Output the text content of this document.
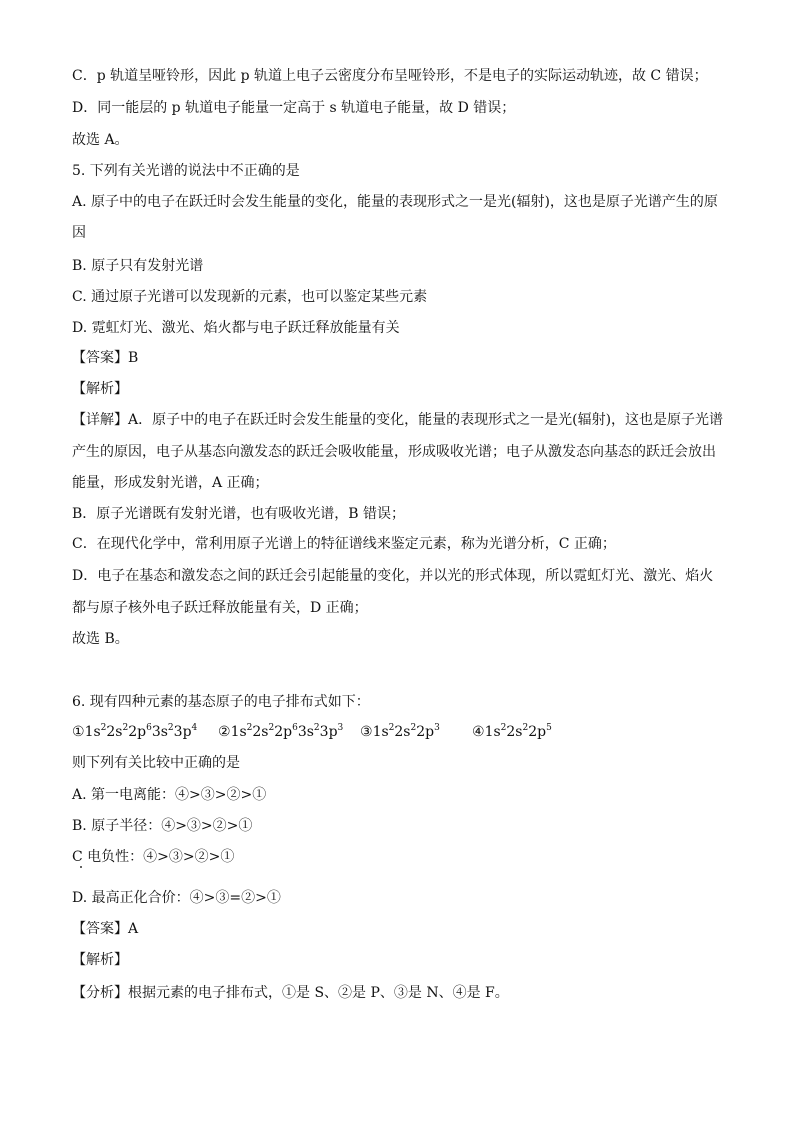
C．p 轨道呈哑铃形，因此 p 轨道上电子云密度分布呈哑铃形，不是电子的实际运动轨迹，故 C 错误；
D．同一能层的 p 轨道电子能量一定高于 s 轨道电子能量，故 D 错误；
故选 A。
5. 下列有关光谱的说法中不正确的是
A. 原子中的电子在跃迁时会发生能量的变化，能量的表现形式之一是光(辐射)，这也是原子光谱产生的原
因
B. 原子只有发射光谱
C. 通过原子光谱可以发现新的元素，也可以鉴定某些元素
D. 霓虹灯光、激光、焰火都与电子跃迁释放能量有关
【答案】B
【解析】
【详解】A．原子中的电子在跃迁时会发生能量的变化，能量的表现形式之一是光(辐射)，这也是原子光谱
产生的原因，电子从基态向激发态的跃迁会吸收能量，形成吸收光谱；电子从激发态向基态的跃迁会放出
能量，形成发射光谱，A 正确；
B．原子光谱既有发射光谱，也有吸收光谱，B 错误；
C．在现代化学中，常利用原子光谱上的特征谱线来鉴定元素，称为光谱分析，C 正确；
D．电子在基态和激发态之间的跃迁会引起能量的变化，并以光的形式体现，所以霓虹灯光、激光、焰火
都与原子核外电子跃迁释放能量有关，D 正确；
故选 B。
6. 现有四种元素的基态原子的电子排布式如下：
$①1s^22s^22p^63s^23p^4$ $②1s^22s^22p^63s^23p^3$ $③1s^22s^22p^3$ $④1s^22s^22p^5$
则下列有关比较中正确的是
A. 第一电离能：④>③>②>①
B. 原子半径：④>③>②>①
C 电负性：④>③>②>①
D. 最高正化合价：④>③=②>①
【答案】A
【解析】
【分析】根据元素的电子排布式，①是 S、②是 P、③是 N、④是 F。
